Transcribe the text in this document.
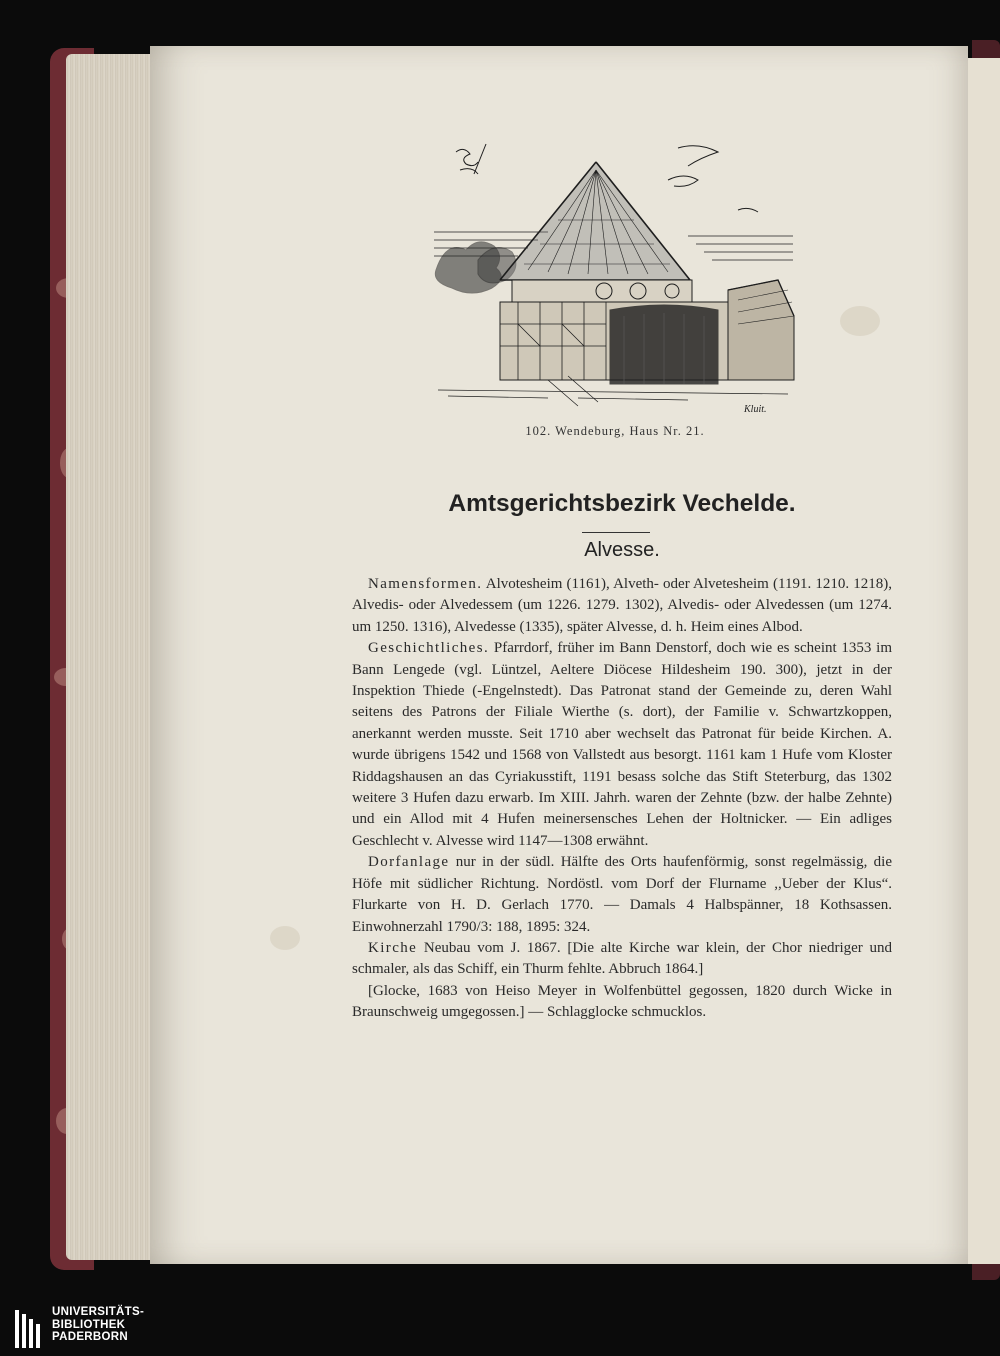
Kluit.
102. Wendeburg, Haus Nr. 21.
Amtsgerichtsbezirk Vechelde.
Alvesse.

Namensformen. Alvotesheim (1161), Alveth- oder Alvetesheim (1191. 1210. 1218), Alvedis- oder Alvedessem (um 1226. 1279. 1302), Alvedis- oder Alvedessen (um 1274. um 1250. 1316), Alvedesse (1335), später Alvesse, d. h. Heim eines Albod.

Geschichtliches. Pfarrdorf, früher im Bann Denstorf, doch wie es scheint 1353 im Bann Lengede (vgl. Lüntzel, Aeltere Diöcese Hildesheim 190. 300), jetzt in der Inspektion Thiede (-Engelnstedt). Das Patronat stand der Gemeinde zu, deren Wahl seitens des Patrons der Filiale Wierthe (s. dort), der Familie v. Schwartzkoppen, anerkannt werden musste. Seit 1710 aber wechselt das Patronat für beide Kirchen. A. wurde übrigens 1542 und 1568 von Vallstedt aus besorgt. 1161 kam 1 Hufe vom Kloster Riddagshausen an das Cyriakusstift, 1191 besass solche das Stift Steterburg, das 1302 weitere 3 Hufen dazu erwarb. Im XIII. Jahrh. waren der Zehnte (bzw. der halbe Zehnte) und ein Allod mit 4 Hufen meinersensches Lehen der Holtnicker. — Ein adliges Geschlecht v. Alvesse wird 1147—1308 erwähnt.

Dorfanlage nur in der südl. Hälfte des Orts haufenförmig, sonst regelmässig, die Höfe mit südlicher Richtung. Nordöstl. vom Dorf der Flurname ,,Ueber der Klus“. Flurkarte von H. D. Gerlach 1770. — Damals 4 Halbspänner, 18 Kothsassen. Einwohnerzahl 1790/3: 188, 1895: 324.

Kirche Neubau vom J. 1867. [Die alte Kirche war klein, der Chor niedriger und schmaler, als das Schiff, ein Thurm fehlte. Abbruch 1864.]

[Glocke, 1683 von Heiso Meyer in Wolfenbüttel gegossen, 1820 durch Wicke in Braunschweig umgegossen.] — Schlagglocke schmucklos.

UNIVERSITÄTS-
BIBLIOTHEK
PADERBORN
